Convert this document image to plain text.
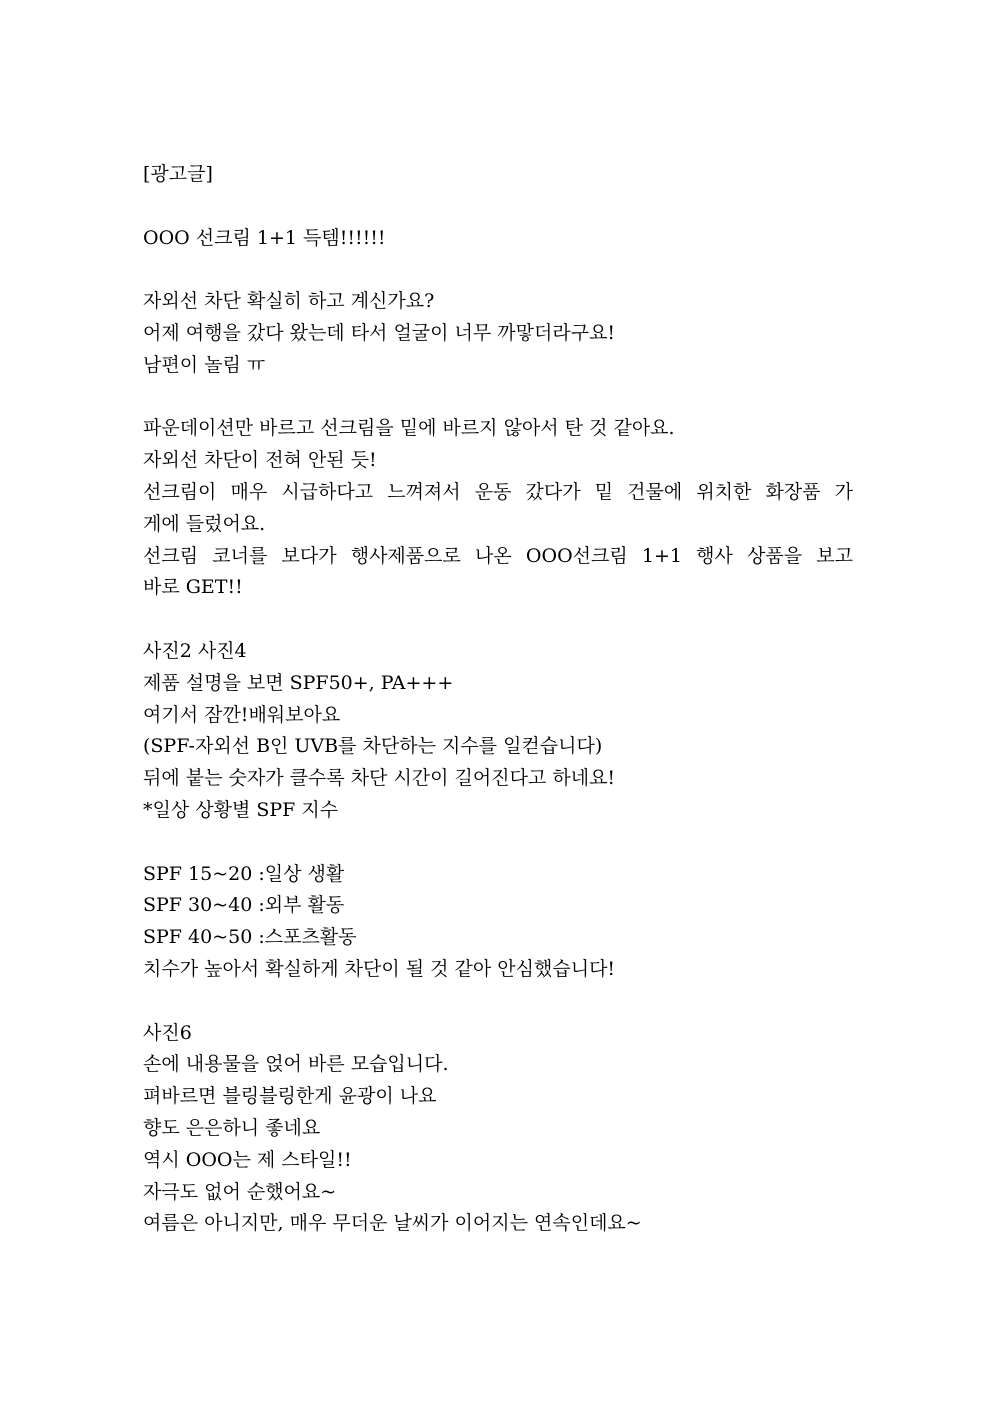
[광고글]
OOO 선크림 1+1 득템!!!!!!
자외선 차단 확실히 하고 계신가요?
어제 여행을 갔다 왔는데 타서 얼굴이 너무 까맣더라구요!
남편이 놀림 ㅠ
파운데이션만 바르고 선크림을 밑에 바르지 않아서 탄 것 같아요.
자외선 차단이 전혀 안된 듯!
선크림이 매우 시급하다고 느껴져서 운동 갔다가 밑 건물에 위치한 화장품 가
게에 들렀어요.
선크림 코너를 보다가 행사제품으로 나온 OOO선크림 1+1 행사 상품을 보고
바로 GET!!
사진2 사진4
제품 설명을 보면 SPF50+, PA+++
여기서 잠깐!배워보아요
(SPF-자외선 B인 UVB를 차단하는 지수를 일컫습니다)
뒤에 붙는 숫자가 클수록 차단 시간이 길어진다고 하네요!
*일상 상황별 SPF 지수
SPF 15~20 :일상 생활
SPF 30~40 :외부 활동
SPF 40~50 :스포츠활동
치수가 높아서 확실하게 차단이 될 것 같아 안심했습니다!
사진6
손에 내용물을 얹어 바른 모습입니다.
펴바르면 블링블링한게 윤광이 나요
향도 은은하니 좋네요
역시 OOO는 제 스타일!!
자극도 없어 순했어요~
여름은 아니지만, 매우 무더운 날씨가 이어지는 연속인데요~
